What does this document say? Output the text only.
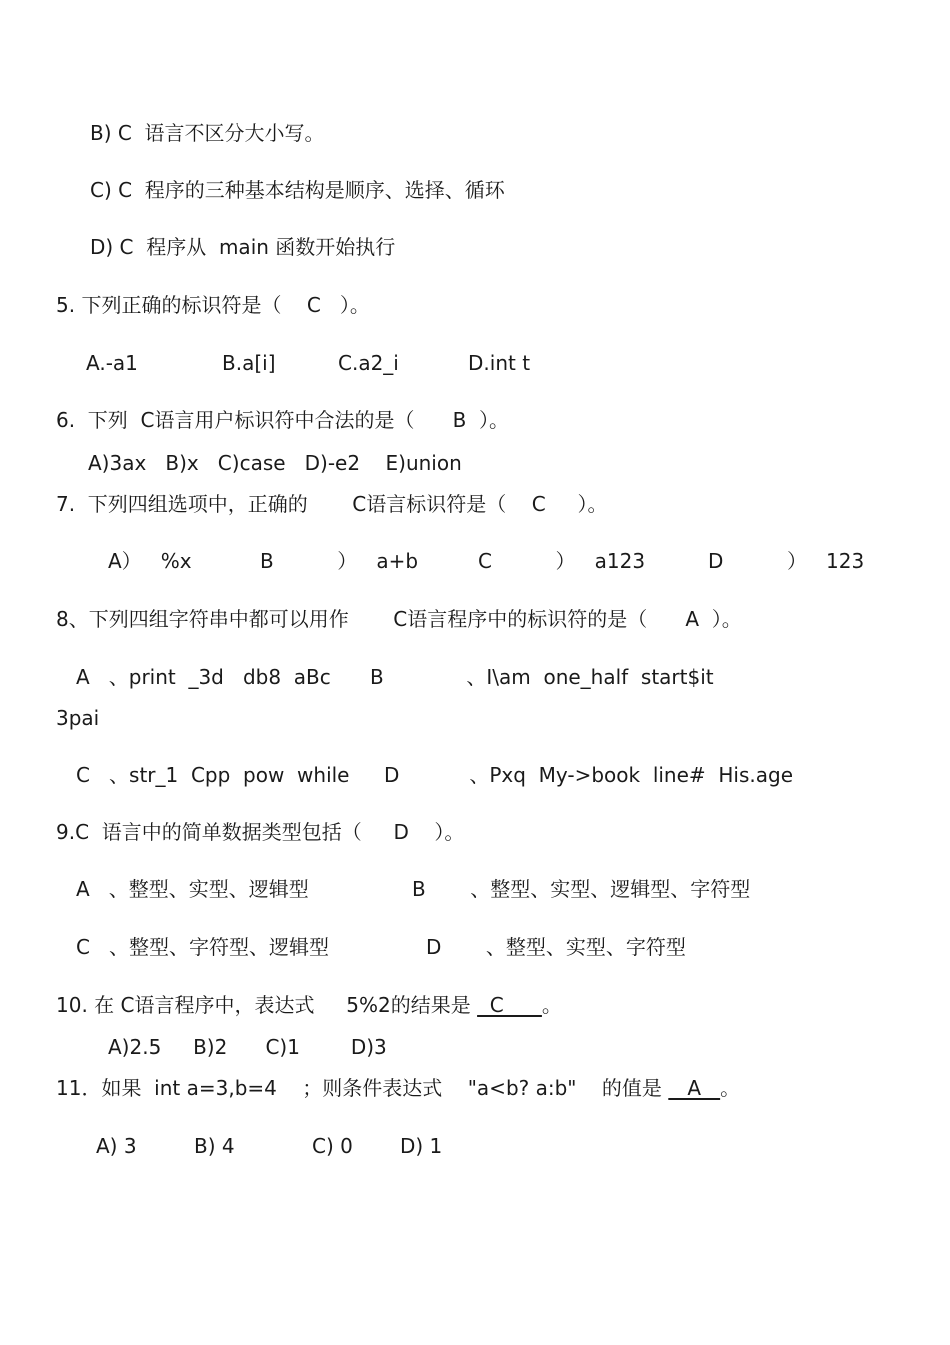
B) C  语言不区分大小写。
C) C  程序的三种基本结构是顺序、选择、循环
D) C  程序从  main 函数开始执行
5. 下列正确的标识符是（    C   ）。
A.-a1	B.a[i]	C.a2_i	D.int t
6.  下列  C语言用户标识符中合法的是（      B  ）。
A)3ax   B)x   C)case   D)-e2    E)union
7.  下列四组选项中，正确的       C语言标识符是（    C     ）。
A）   %x	B          ）   a+b	C          ）   a123	D          ）   123
8、下列四组字符串中都可以用作       C语言程序中的标识符的是（      A  ）。
A   、print  _3d   db8  aBc B             、I\am  one_half  start$it
3pai
C   、str_1  Cpp  pow  while D           、Pxq  My->book  line#  His.age
9.C  语言中的简单数据类型包括（     D    ）。
A   、整型、实型、逻辑型	B       、整型、实型、逻辑型、字符型
C   、整型、字符型、逻辑型	D       、整型、实型、字符型
10. 在 C语言程序中，表达式     5%2的结果是   C      。
A)2.5     B)2      C)1        D)3
11．如果  int a=3,b=4    ；则条件表达式    "a<b? a:b"    的值是    A   。
A) 3	B) 4	C) 0 D) 1
